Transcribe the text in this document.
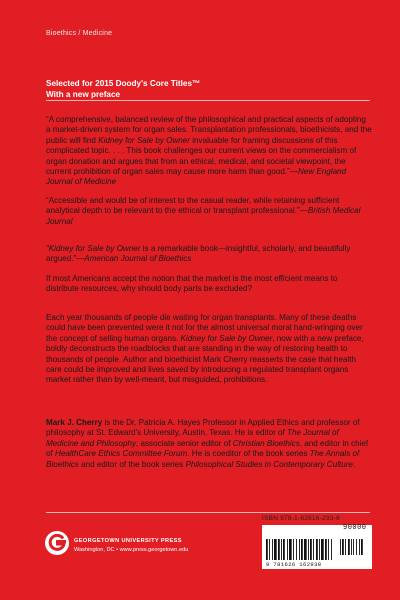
Bioethics / Medicine
Selected for 2015 Doody's Core Titles™
With a new preface
“A comprehensive, balanced review of the philosophical and practical aspects of adopting a market-driven system for organ sales. Transplantation professionals, bioethicists, and the public will find Kidney for Sale by Owner invaluable for framing discussions of this complicated topic. . . . This book challenges our current views on the commercialism of organ donation and argues that from an ethical, medical, and societal viewpoint, the current prohibition of organ sales may cause more harm than good.”—New England Journal of Medicine
“Accessible and would be of interest to the casual reader, while retaining sufficient analytical depth to be relevant to the ethical or transplant professional.”—British Medical Journal
“Kidney for Sale by Owner is a remarkable book—insightful, scholarly, and beautifully argued.”—American Journal of Bioethics
If most Americans accept the notion that the market is the most efficient means to distribute resources, why should body parts be excluded?
Each year thousands of people die waiting for organ transplants. Many of these deaths could have been prevented were it not for the almost universal moral hand-wringing over the concept of selling human organs. Kidney for Sale by Owner, now with a new preface, boldly deconstructs the roadblocks that are standing in the way of restoring health to thousands of people. Author and bioethicist Mark Cherry reasserts the case that health care could be improved and lives saved by introducing a regulated transplant organs market rather than by well-meant, but misguided, prohibitions.
Mark J. Cherry is the Dr. Patricia A. Hayes Professor in Applied Ethics and professor of philosophy at St. Edward's University, Austin, Texas. He is editor of The Journal of Medicine and Philosophy, associate senior editor of Christian Bioethics, and editor in chief of HealthCare Ethics Committee Forum. He is coeditor of the book series The Annals of Bioethics and editor of the book series Philosophical Studies in Contemporary Culture.
GEORGETOWN UNIVERSITY PRESS
Washington, DC • www.press.georgetown.edu
ISBN 978-1-62616-293-8
90000
9 781626 162938
